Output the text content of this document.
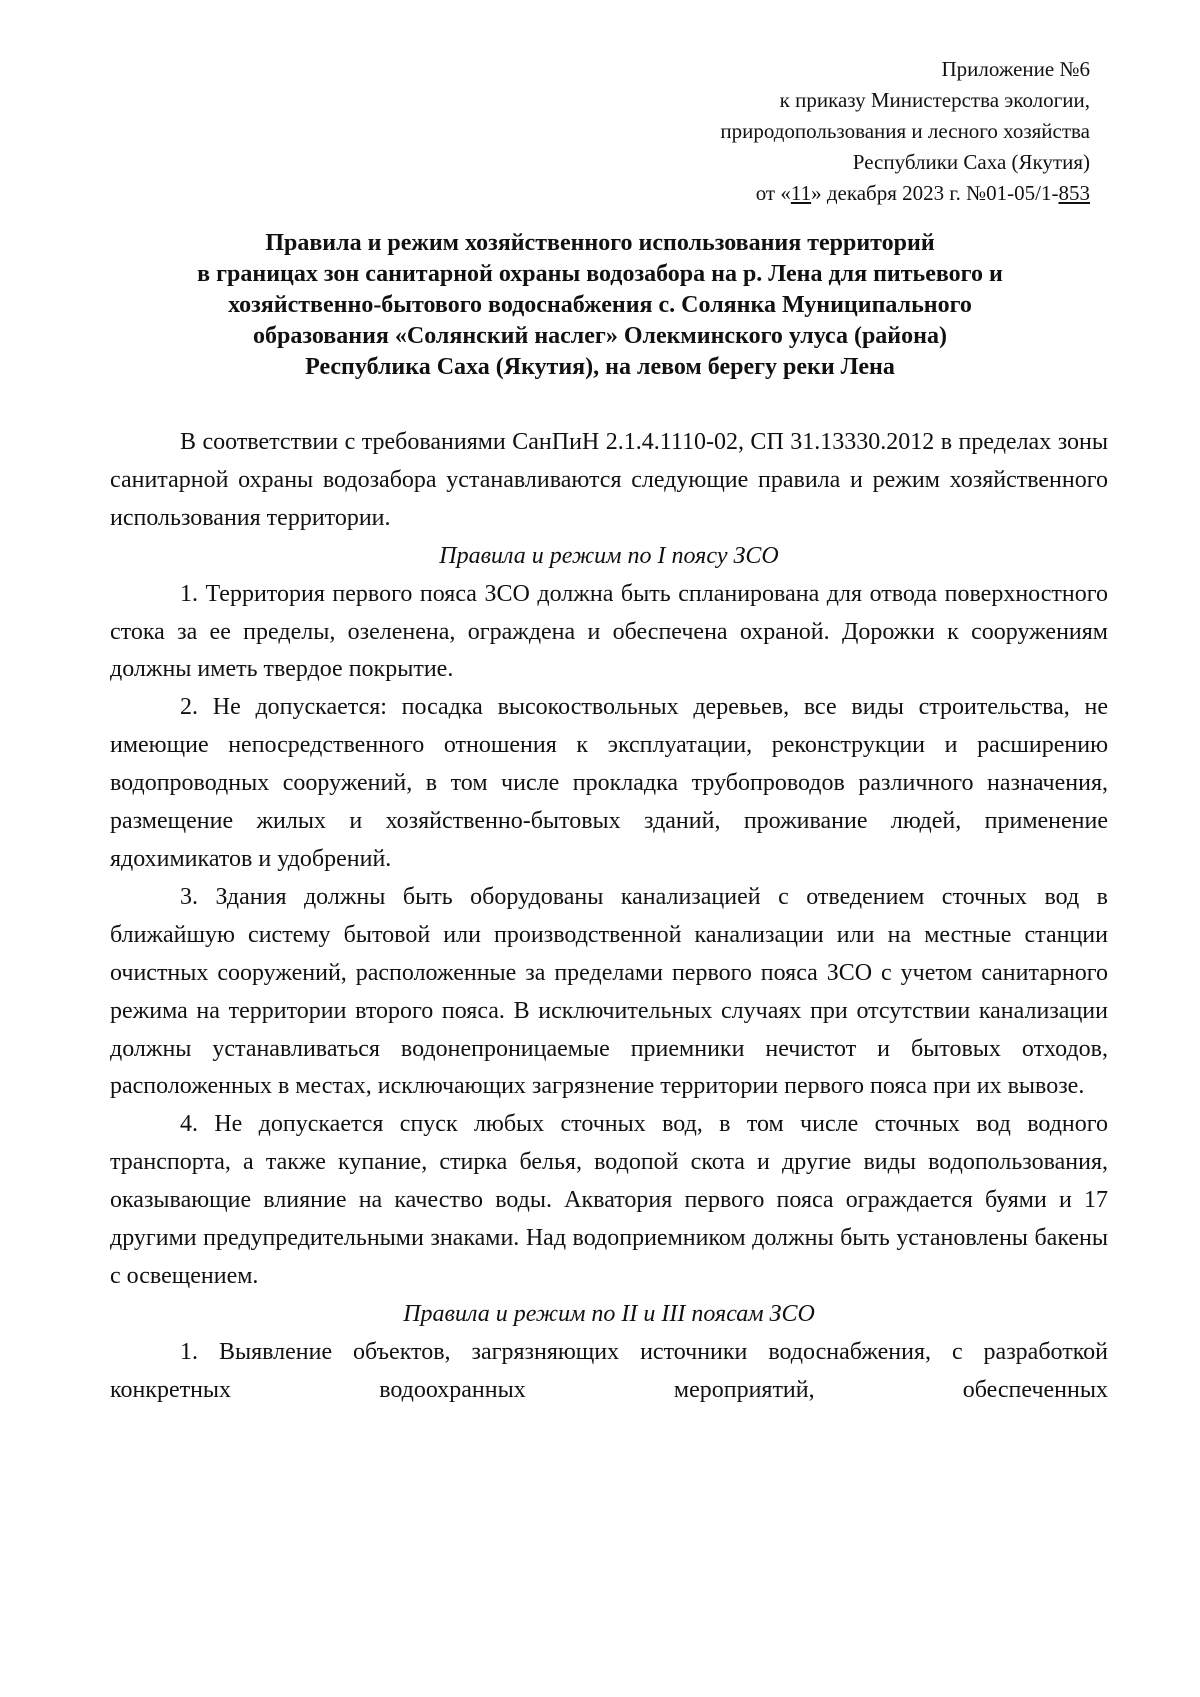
Приложение №6
к приказу Министерства экологии,
природопользования и лесного хозяйства
Республики Саха (Якутия)
от «11» декабря 2023 г. №01-05/1-853
Правила и режим хозяйственного использования территорий
в границах зон санитарной охраны водозабора на р. Лена для питьевого и
хозяйственно-бытового водоснабжения с. Солянка Муниципального
образования «Солянский наслег» Олекминского улуса (района)
Республика Саха (Якутия), на левом берегу реки Лена

В соответствии с требованиями СанПиН 2.1.4.1110-02, СП 31.13330.2012 в пределах зоны санитарной охраны водозабора устанавливаются следующие правила и режим хозяйственного использования территории.

Правила и режим по I поясу ЗСО

1. Территория первого пояса ЗСО должна быть спланирована для отвода поверхностного стока за ее пределы, озеленена, ограждена и обеспечена охраной. Дорожки к сооружениям должны иметь твердое покрытие.

2. Не допускается: посадка высокоствольных деревьев, все виды строительства, не имеющие непосредственного отношения к эксплуатации, реконструкции и расширению водопроводных сооружений, в том числе прокладка трубопроводов различного назначения, размещение жилых и хозяйственно-бытовых зданий, проживание людей, применение ядохимикатов и удобрений.

3. Здания должны быть оборудованы канализацией с отведением сточных вод в ближайшую систему бытовой или производственной канализации или на местные станции очистных сооружений, расположенные за пределами первого пояса ЗСО с учетом санитарного режима на территории второго пояса. В исключительных случаях при отсутствии канализации должны устанавливаться водонепроницаемые приемники нечистот и бытовых отходов, расположенных в местах, исключающих загрязнение территории первого пояса при их вывозе.

4. Не допускается спуск любых сточных вод, в том числе сточных вод водного транспорта, а также купание, стирка белья, водопой скота и другие виды водопользования, оказывающие влияние на качество воды. Акватория первого пояса ограждается буями и 17 другими предупредительными знаками. Над водоприемником должны быть установлены бакены с освещением.

Правила и режим по II и III поясам ЗСО

1. Выявление объектов, загрязняющих источники водоснабжения, с разработкой конкретных водоохранных мероприятий, обеспеченных
